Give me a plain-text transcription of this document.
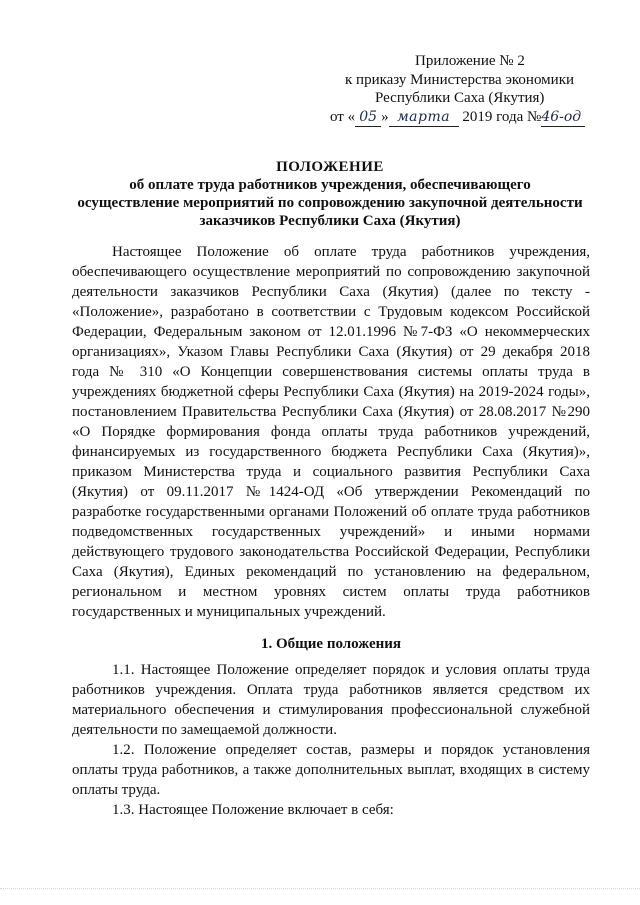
Приложение № 2
к приказу Министерства экономики
Республики Саха (Якутия)
от « 05 » марта 2019 года №46-од
ПОЛОЖЕНИЕ
об оплате труда работников учреждения, обеспечивающего
осуществление мероприятий по сопровождению закупочной деятельности
заказчиков Республики Саха (Якутия)

Настоящее Положение об оплате труда работников учреждения, обеспечивающего осуществление мероприятий по сопровождению закупочной деятельности заказчиков Республики Саха (Якутия) (далее по тексту - «Положение», разработано в соответствии с Трудовым кодексом Российской Федерации, Федеральным законом от 12.01.1996 №7-ФЗ «О некоммерческих организациях», Указом Главы Республики Саха (Якутия) от 29 декабря 2018 года № 310 «О Концепции совершенствования системы оплаты труда в учреждениях бюджетной сферы Республики Саха (Якутия) на 2019-2024 годы», постановлением Правительства Республики Саха (Якутия) от 28.08.2017 №290 «О Порядке формирования фонда оплаты труда работников учреждений, финансируемых из государственного бюджета Республики Саха (Якутия)», приказом Министерства труда и социального развития Республики Саха (Якутия) от 09.11.2017 №1424-ОД «Об утверждении Рекомендаций по разработке государственными органами Положений об оплате труда работников подведомственных государственных учреждений» и иными нормами действующего трудового законодательства Российской Федерации, Республики Саха (Якутия), Единых рекомендаций по установлению на федеральном, региональном и местном уровнях систем оплаты труда работников государственных и муниципальных учреждений.

1. Общие положения

1.1. Настоящее Положение определяет порядок и условия оплаты труда работников учреждения. Оплата труда работников является средством их материального обеспечения и стимулирования профессиональной служебной деятельности по замещаемой должности.

1.2. Положение определяет состав, размеры и порядок установления оплаты труда работников, а также дополнительных выплат, входящих в систему оплаты труда.

1.3. Настоящее Положение включает в себя:
